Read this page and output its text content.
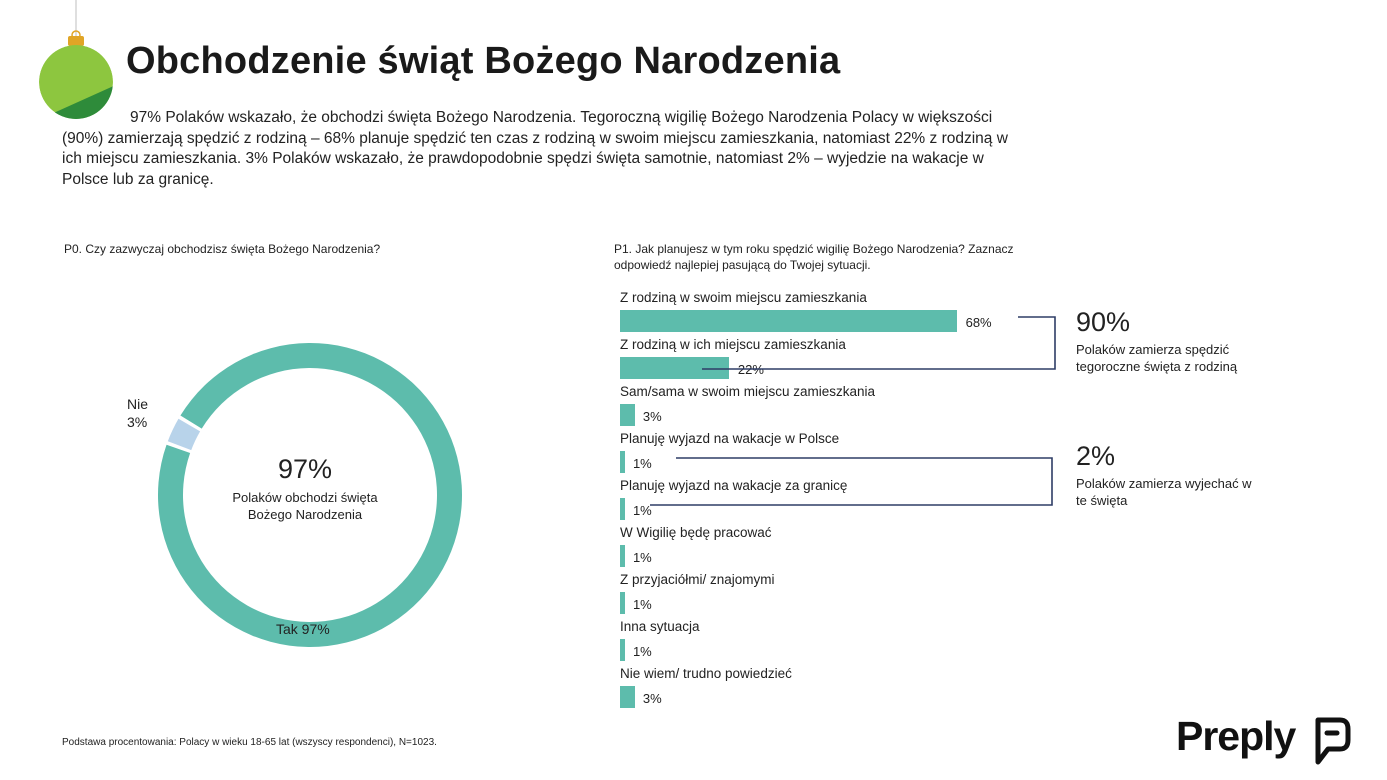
Obchodzenie świąt Bożego Narodzenia

97% Polaków wskazało, że obchodzi święta Bożego Narodzenia. Tegoroczną wigilię Bożego Narodzenia Polacy w większości (90%) zamierzają spędzić z rodziną – 68% planuje spędzić ten czas z rodziną w swoim miejscu zamieszkania, natomiast 22% z rodziną w ich miejscu zamieszkania. 3% Polaków wskazało, że prawdopodobnie spędzi święta samotnie, natomiast 2% – wyjedzie na wakacje w Polsce lub za granicę.

P0. Czy zazwyczaj obchodzisz święta Bożego Narodzenia?	P1. Jak planujesz w tym roku spędzić wigilię Bożego Narodzenia? Zaznacz odpowiedź najlepiej pasującą do Twojej sytuacji.
97%
Polaków obchodzi święta Bożego Narodzenia
Nie
3%
Tak 97%
Z rodziną w swoim miejscu zamieszkania
68%
Z rodziną w ich miejscu zamieszkania
22%
Sam/sama w swoim miejscu zamieszkania
3%
Planuję wyjazd na wakacje w Polsce
1%
Planuję wyjazd na wakacje za granicę
1%
W Wigilię będę pracować
1%
Z przyjaciółmi/ znajomymi
1%
Inna sytuacja
1%
Nie wiem/ trudno powiedzieć
3%
90%
Polaków zamierza spędzić tegoroczne święta z rodziną
2%
Polaków zamierza wyjechać w te święta
Podstawa procentowania: Polacy w wieku 18-65 lat (wszyscy respondenci), N=1023.	Preply
